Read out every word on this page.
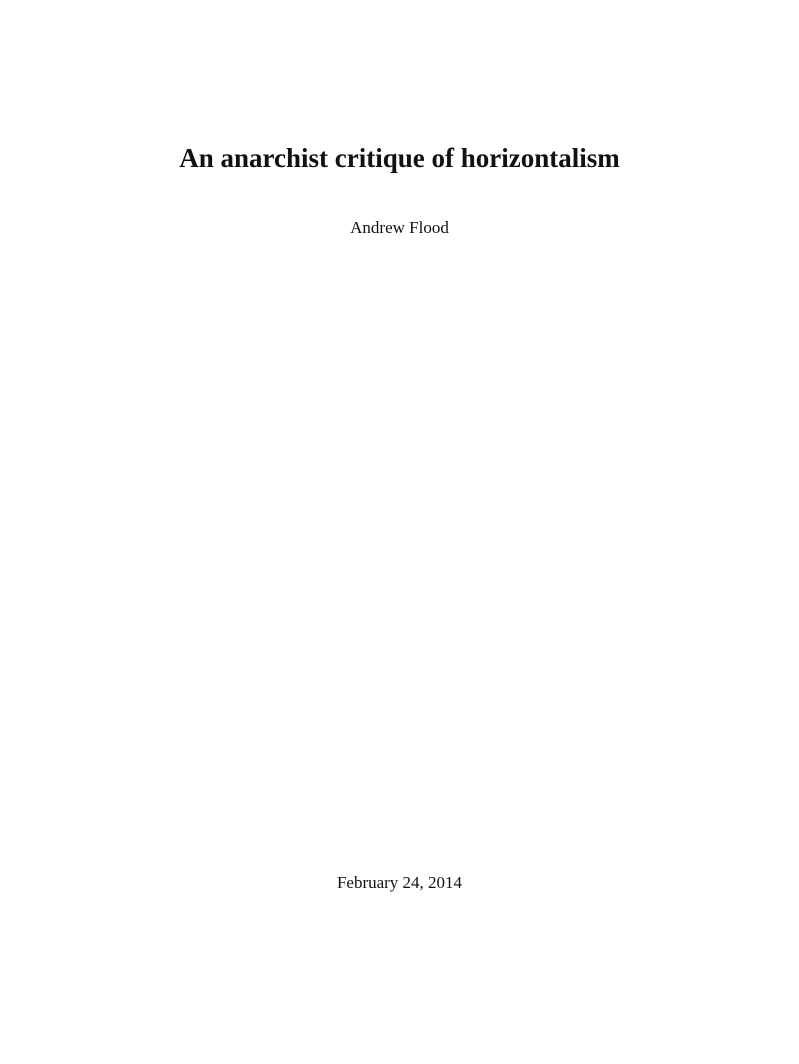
An anarchist critique of horizontalism

Andrew Flood

February 24, 2014
